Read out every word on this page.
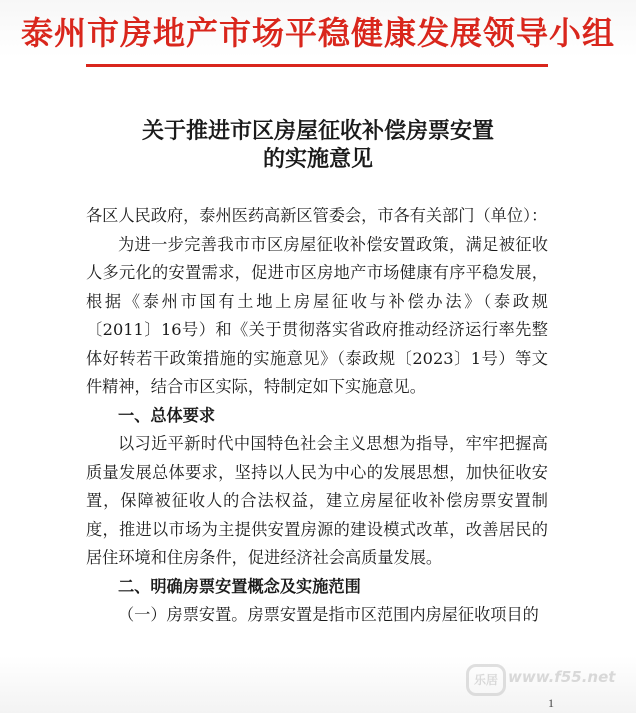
泰州市房地产市场平稳健康发展领导小组
关于推进市区房屋征收补偿房票安置
的实施意见

各区人民政府，泰州医药高新区管委会，市各有关部门（单位）：

为进一步完善我市市区房屋征收补偿安置政策，满足被征收人多元化的安置需求，促进市区房地产市场健康有序平稳发展，根据《泰州市国有土地上房屋征收与补偿办法》（泰政规〔2011〕16号）和《关于贯彻落实省政府推动经济运行率先整体好转若干政策措施的实施意见》（泰政规〔2023〕1号）等文件精神，结合市区实际，特制定如下实施意见。

一、总体要求

以习近平新时代中国特色社会主义思想为指导，牢牢把握高质量发展总体要求，坚持以人民为中心的发展思想，加快征收安置，保障被征收人的合法权益，建立房屋征收补偿房票安置制度，推进以市场为主提供安置房源的建设模式改革，改善居民的居住环境和住房条件，促进经济社会高质量发展。

二、明确房票安置概念及实施范围

（一）房票安置。房票安置是指市区范围内房屋征收项目的

乐居 www.f55.net
1
